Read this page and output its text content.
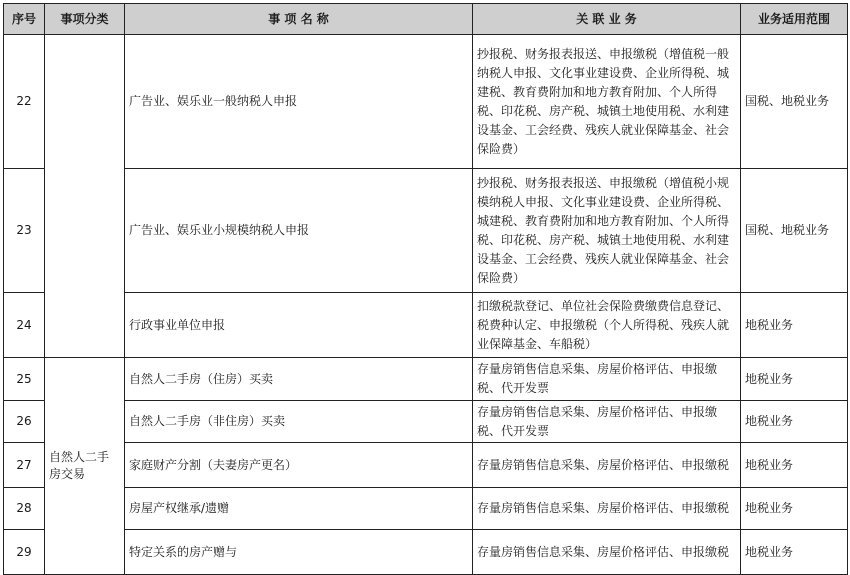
序号	事项分类	事 项 名 称	关 联 业 务	业务适用范围
22		广告业、娱乐业一般纳税人申报	抄报税、财务报表报送、申报缴税（增值税一般纳税人申报、文化事业建设费、企业所得税、城建税、教育费附加和地方教育附加、个人所得税、印花税、房产税、城镇土地使用税、水利建设基金、工会经费、残疾人就业保障基金、社会保险费）	国税、地税业务
23		广告业、娱乐业小规模纳税人申报	抄报税、财务报表报送、申报缴税（增值税小规模纳税人申报、文化事业建设费、企业所得税、城建税、教育费附加和地方教育附加、个人所得税、印花税、房产税、城镇土地使用税、水利建设基金、工会经费、残疾人就业保障基金、社会保险费）	国税、地税业务
24		行政事业单位申报	扣缴税款登记、单位社会保险费缴费信息登记、税费种认定、申报缴税（个人所得税、残疾人就业保障基金、车船税）	地税业务
25	自然人二手房交易	自然人二手房（住房）买卖	存量房销售信息采集、房屋价格评估、申报缴税、代开发票	地税业务
26		自然人二手房（非住房）买卖	存量房销售信息采集、房屋价格评估、申报缴税、代开发票	地税业务
27		家庭财产分割（夫妻房产更名）	存量房销售信息采集、房屋价格评估、申报缴税	地税业务
28		房屋产权继承/遗赠	存量房销售信息采集、房屋价格评估、申报缴税	地税业务
29		特定关系的房产赠与	存量房销售信息采集、房屋价格评估、申报缴税	地税业务
